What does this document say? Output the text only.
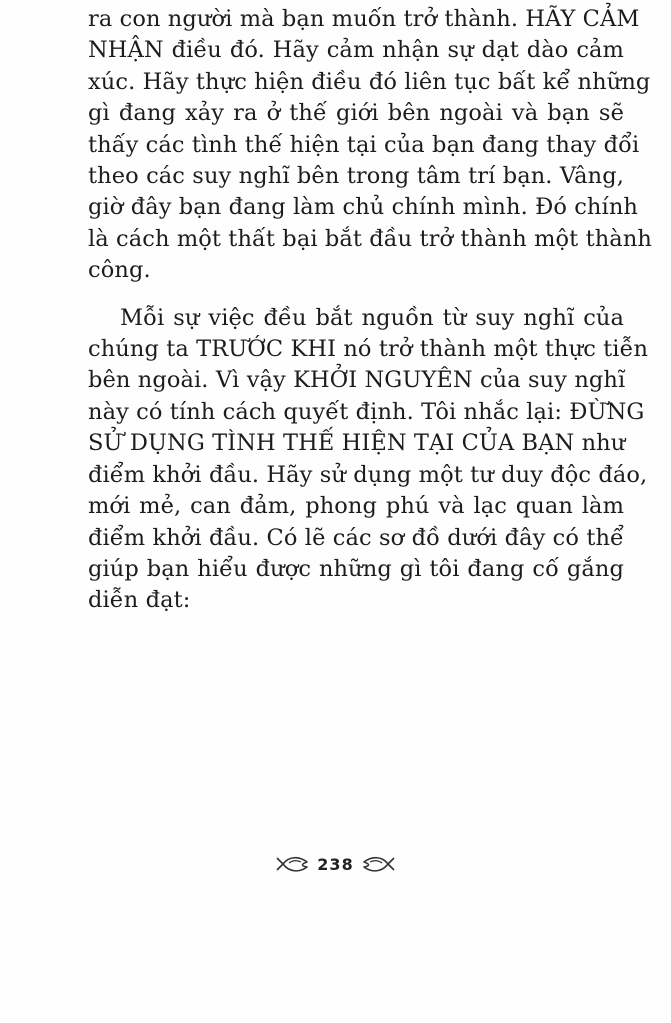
ra con người mà bạn muốn trở thành. HÃY CẢM
NHẬN điều đó. Hãy cảm nhận sự dạt dào cảm
xúc. Hãy thực hiện điều đó liên tục bất kể những
gì đang xảy ra ở thế giới bên ngoài và bạn sẽ
thấy các tình thế hiện tại của bạn đang thay đổi
theo các suy nghĩ bên trong tâm trí bạn. Vâng,
giờ đây bạn đang làm chủ chính mình. Đó chính
là cách một thất bại bắt đầu trở thành một thành
công.

Mỗi sự việc đều bắt nguồn từ suy nghĩ của
chúng ta TRƯỚC KHI nó trở thành một thực tiễn
bên ngoài. Vì vậy KHỞI NGUYÊN của suy nghĩ
này có tính cách quyết định. Tôi nhắc lại: ĐỪNG
SỬ DỤNG TÌNH THẾ HIỆN TẠI CỦA BẠN như
điểm khởi đầu. Hãy sử dụng một tư duy độc đáo,
mới mẻ, can đảm, phong phú và lạc quan làm
điểm khởi đầu. Có lẽ các sơ đồ dưới đây có thể
giúp bạn hiểu được những gì tôi đang cố gắng
diễn đạt:

238
